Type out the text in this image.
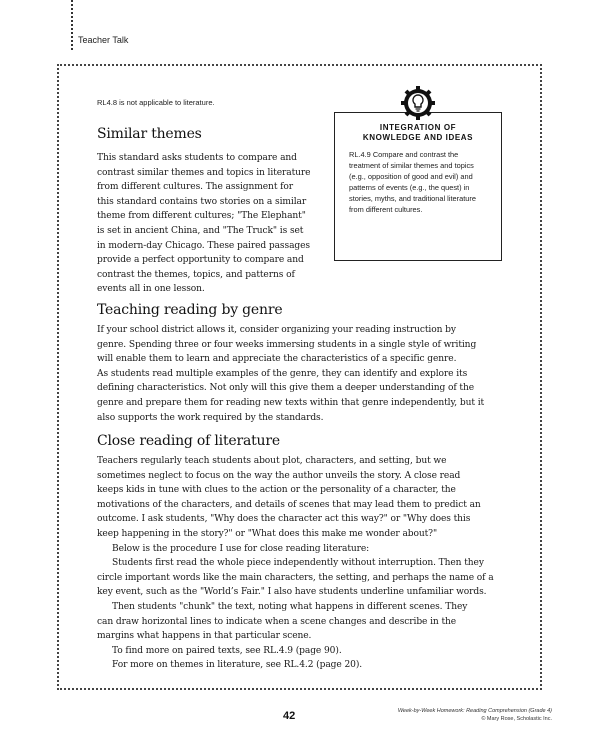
Teacher Talk
RL4.8 is not applicable to literature.
Similar themes
This standard asks students to compare and
contrast similar themes and topics in literature
from different cultures. The assignment for
this standard contains two stories on a similar
theme from different cultures; "The Elephant"
is set in ancient China, and "The Truck" is set
in modern-day Chicago. These paired passages
provide a perfect opportunity to compare and
contrast the themes, topics, and patterns of
events all in one lesson.
INTEGRATION OF
KNOWLEDGE AND IDEAS
RL.4.9 Compare and contrast the treatment of similar themes and topics (e.g., opposition of good and evil) and patterns of events (e.g., the quest) in stories, myths, and traditional literature from different cultures.
Teaching reading by genre
If your school district allows it, consider organizing your reading instruction by
genre. Spending three or four weeks immersing students in a single style of writing
will enable them to learn and appreciate the characteristics of a specific genre.
As students read multiple examples of the genre, they can identify and explore its
defining characteristics. Not only will this give them a deeper understanding of the
genre and prepare them for reading new texts within that genre independently, but it
also supports the work required by the standards.
Close reading of literature
Teachers regularly teach students about plot, characters, and setting, but we
sometimes neglect to focus on the way the author unveils the story. A close read
keeps kids in tune with clues to the action or the personality of a character, the
motivations of the characters, and details of scenes that may lead them to predict an
outcome. I ask students, "Why does the character act this way?" or "Why does this
keep happening in the story?" or "What does this make me wonder about?"
Below is the procedure I use for close reading literature:
Students first read the whole piece independently without interruption. Then they
circle important words like the main characters, the setting, and perhaps the name of a
key event, such as the "World’s Fair." I also have students underline unfamiliar words.
Then students "chunk" the text, noting what happens in different scenes. They
can draw horizontal lines to indicate when a scene changes and describe in the
margins what happens in that particular scene.
To find more on paired texts, see RL.4.9 (page 90).
For more on themes in literature, see RL.4.2 (page 20).
42	Week-by-Week Homework: Reading Comprehension (Grade 4)
© Mary Rose, Scholastic Inc.
